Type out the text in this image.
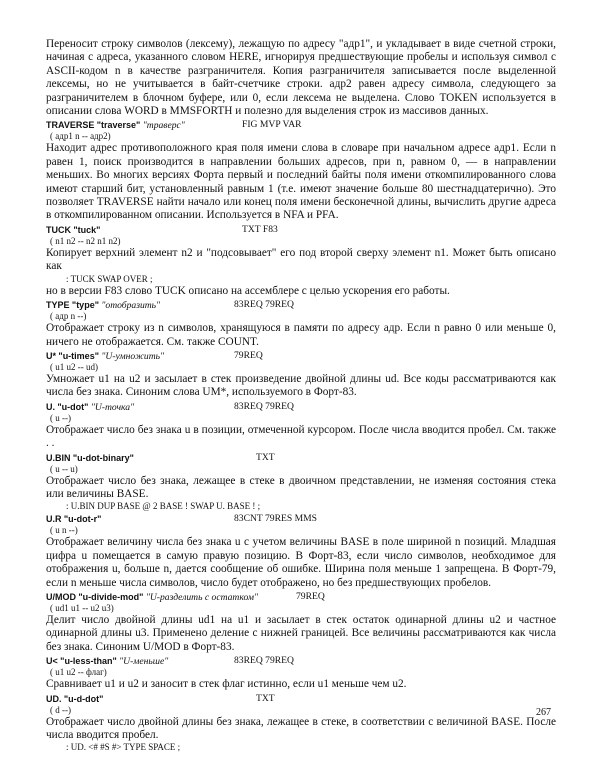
Переносит строку символов (лексему), лежащую по адресу "адр1", и укладывает в виде счетной строки, начиная с адреса, указанного словом HERE, игнорируя предшествующие пробелы и используя символ с ASCII-кодом n в качестве разграничителя. Копия разграничителя записывается после выделенной лексемы, но не учитывается в байт-счетчике строки. адр2 равен адресу символа, следующего за разграничителем в блочном буфере, или 0, если лексема не выделена. Слово TOKEN используется в описании слова WORD в MMSFORTH и полезно для выделения строк из массивов данных.

TRAVERSE "traverse" "траверс"	FIG MVP VAR
( адр1 n -- адр2)

Находит адрес противоположного края поля имени слова в словаре при начальном адресе адр1. Если n равен 1, поиск производится в направлении больших адресов, при n, равном 0, — в направлении меньших. Во многих версиях Форта первый и последний байты поля имени откомпилированного слова имеют старший бит, установленный равным 1 (т.е. имеют значение больше 80 шестнадцатерично). Это позволяет TRAVERSE найти начало или конец поля имени бесконечной длины, вычислить другие адреса в откомпилированном описании. Используется в NFA и PFA.

TUCK "tuck"	TXT F83
( n1 n2 -- n2 n1 n2)

Копирует верхний элемент n2 и "подсовывает" его под второй сверху элемент n1. Может быть описано как

: TUCK SWAP OVER ;

но в версии F83 слово TUCK описано на ассемблере с целью ускорения его работы.

TYPE "type" "отобразить"	83REQ 79REQ
( адр n --)

Отображает строку из n символов, хранящуюся в памяти по адресу адр. Если n равно 0 или меньше 0, ничего не отображается. См. также COUNT.

U* "u-times" "U-умножить"	79REQ
( u1 u2 -- ud)

Умножает u1 на u2 и засылает в стек произведение двойной длины ud. Все коды рассматриваются как числа без знака. Синоним слова UM*, используемого в Форт-83.

U. "u-dot" "U-точка"	83REQ 79REQ
( u --)

Отображает число без знака u в позиции, отмеченной курсором. После числа вводится пробел. См. также . .

U.BIN "u-dot-binary"	TXT
( u -- u)

Отображает число без знака, лежащее в стеке в двоичном представлении, не изменяя состояния стека или величины BASE.

: U.BIN DUP BASE @ 2 BASE ! SWAP U. BASE ! ;
U.R "u-dot-r"	83CNT 79RES MMS
( u n --)

Отображает величину числа без знака u с учетом величины BASE в поле шириной n позиций. Младшая цифра u помещается в самую правую позицию. В Форт-83, если число символов, необходимое для отображения u, больше n, дается сообщение об ошибке. Ширина поля меньше 1 запрещена. В Форт-79, если n меньше числа символов, число будет отображено, но без предшествующих пробелов.

U/MOD "u-divide-mod" "U-разделить с остатком"	79REQ
( ud1 u1 -- u2 u3)

Делит число двойной длины ud1 на u1 и засылает в стек остаток одинарной длины u2 и частное одинарной длины u3. Применено деление с нижней границей. Все величины рассматриваются как числа без знака. Синоним U/MOD в Форт-83.

U< "u-less-than" "U-меньше"	83REQ 79REQ
( u1 u2 -- флаг)

Сравнивает u1 и u2 и заносит в стек флаг истинно, если u1 меньше чем u2.

UD. "u-d-dot"	TXT
( d --)

Отображает число двойной длины без знака, лежащее в стеке, в соответствии с величиной BASE. После числа вводится пробел.

: UD. <# #S #> TYPE SPACE ;
267
